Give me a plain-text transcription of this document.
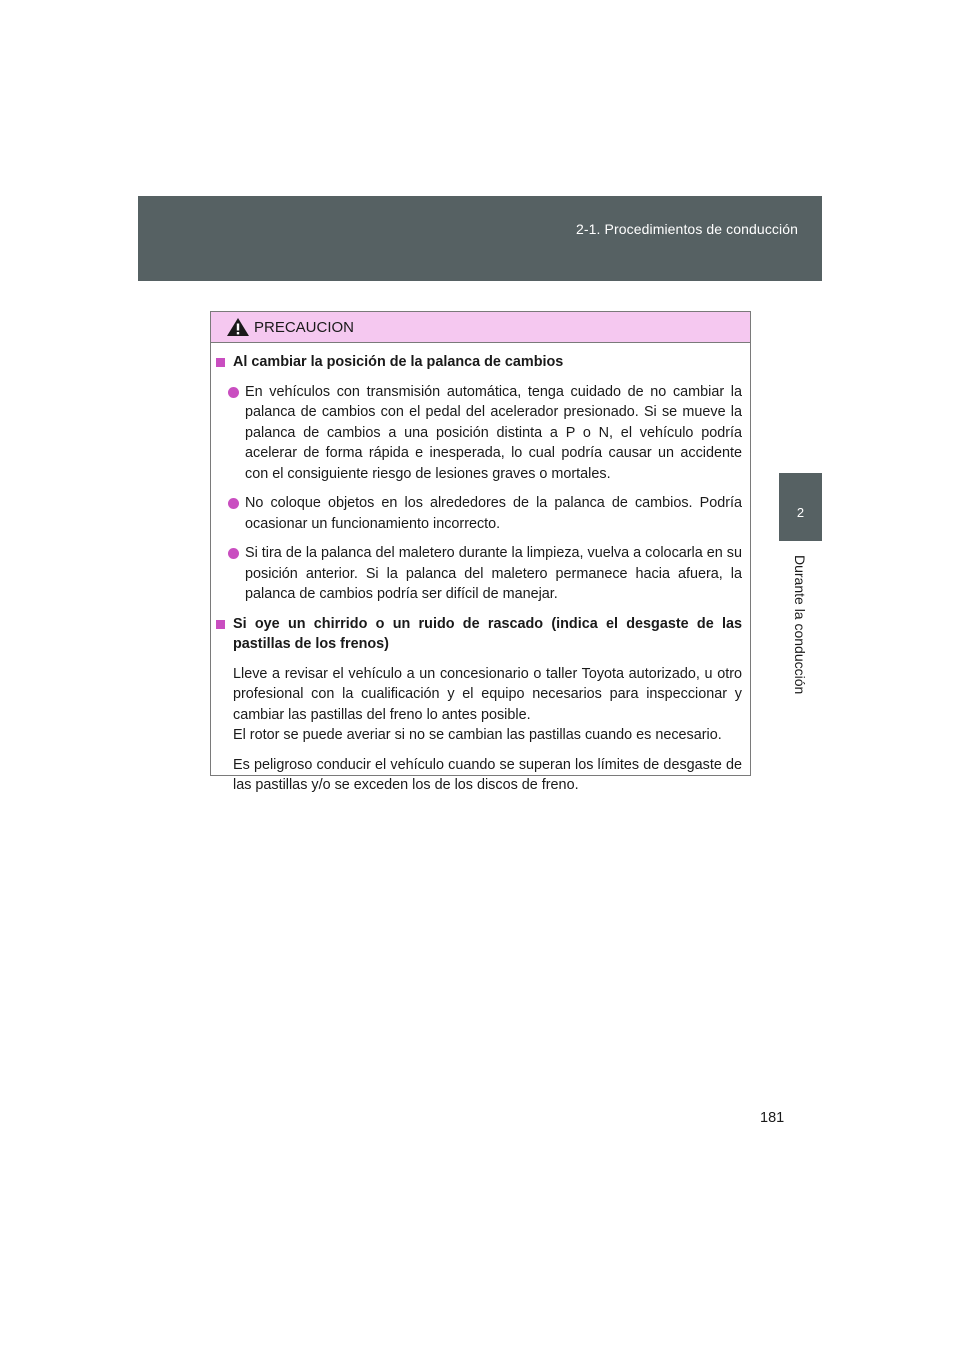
2-1. Procedimientos de conducción
2
Durante la conducción
PRECAUCION
Al cambiar la posición de la palanca de cambios
En vehículos con transmisión automática, tenga cuidado de no cambiar la palanca de cambios con el pedal del acelerador presionado. Si se mueve la palanca de cambios a una posición distinta a P o N, el vehículo podría acelerar de forma rápida e inesperada, lo cual podría causar un accidente con el consiguiente riesgo de lesiones graves o mortales.
No coloque objetos en los alrededores de la palanca de cambios. Podría ocasionar un funcionamiento incorrecto.
Si tira de la palanca del maletero durante la limpieza, vuelva a colocarla en su posición anterior. Si la palanca del maletero permanece hacia afuera, la palanca de cambios podría ser difícil de manejar.
Si oye un chirrido o un ruido de rascado (indica el desgaste de las pastillas de los frenos)
Lleve a revisar el vehículo a un concesionario o taller Toyota autorizado, u otro profesional con la cualificación y el equipo necesarios para inspeccionar y cambiar las pastillas del freno lo antes posible.
El rotor se puede averiar si no se cambian las pastillas cuando es necesario.
Es peligroso conducir el vehículo cuando se superan los límites de desgaste de las pastillas y/o se exceden los de los discos de freno.
181
